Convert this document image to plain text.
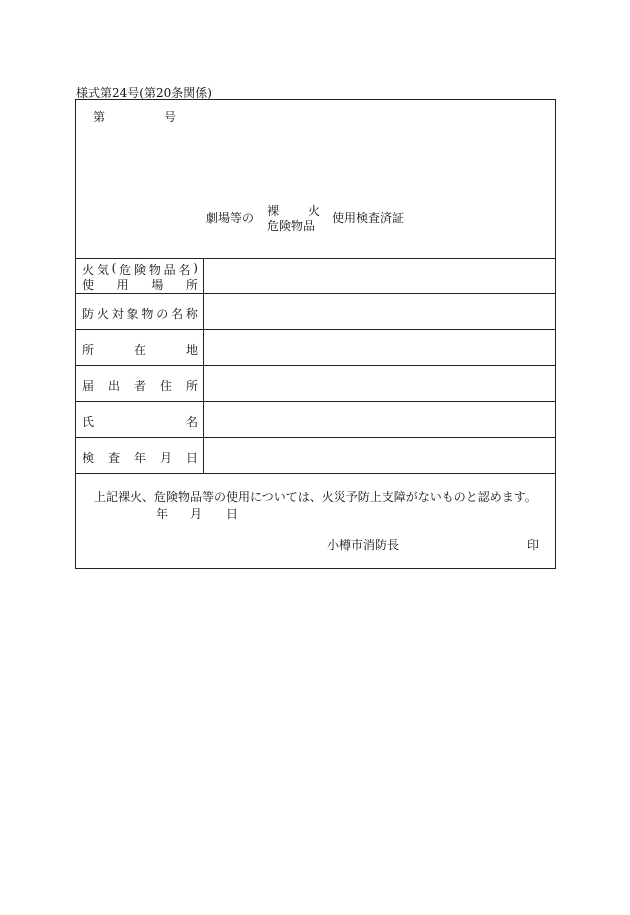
様式第24号(第20条関係)
第	号
劇場等の 裸 火
危険物品
使用検査済証
火 気 ( 危 険 物 品 名 )
使 用 場 所
防 火 対 象 物 の 名 称
所	在	地
届 出 者 住 所
氏	名
検 査 年 月 日
上記裸火、危険物品等の使用については、火災予防上支障がないものと認めます。
年 月 日
小樽市消防長	印
